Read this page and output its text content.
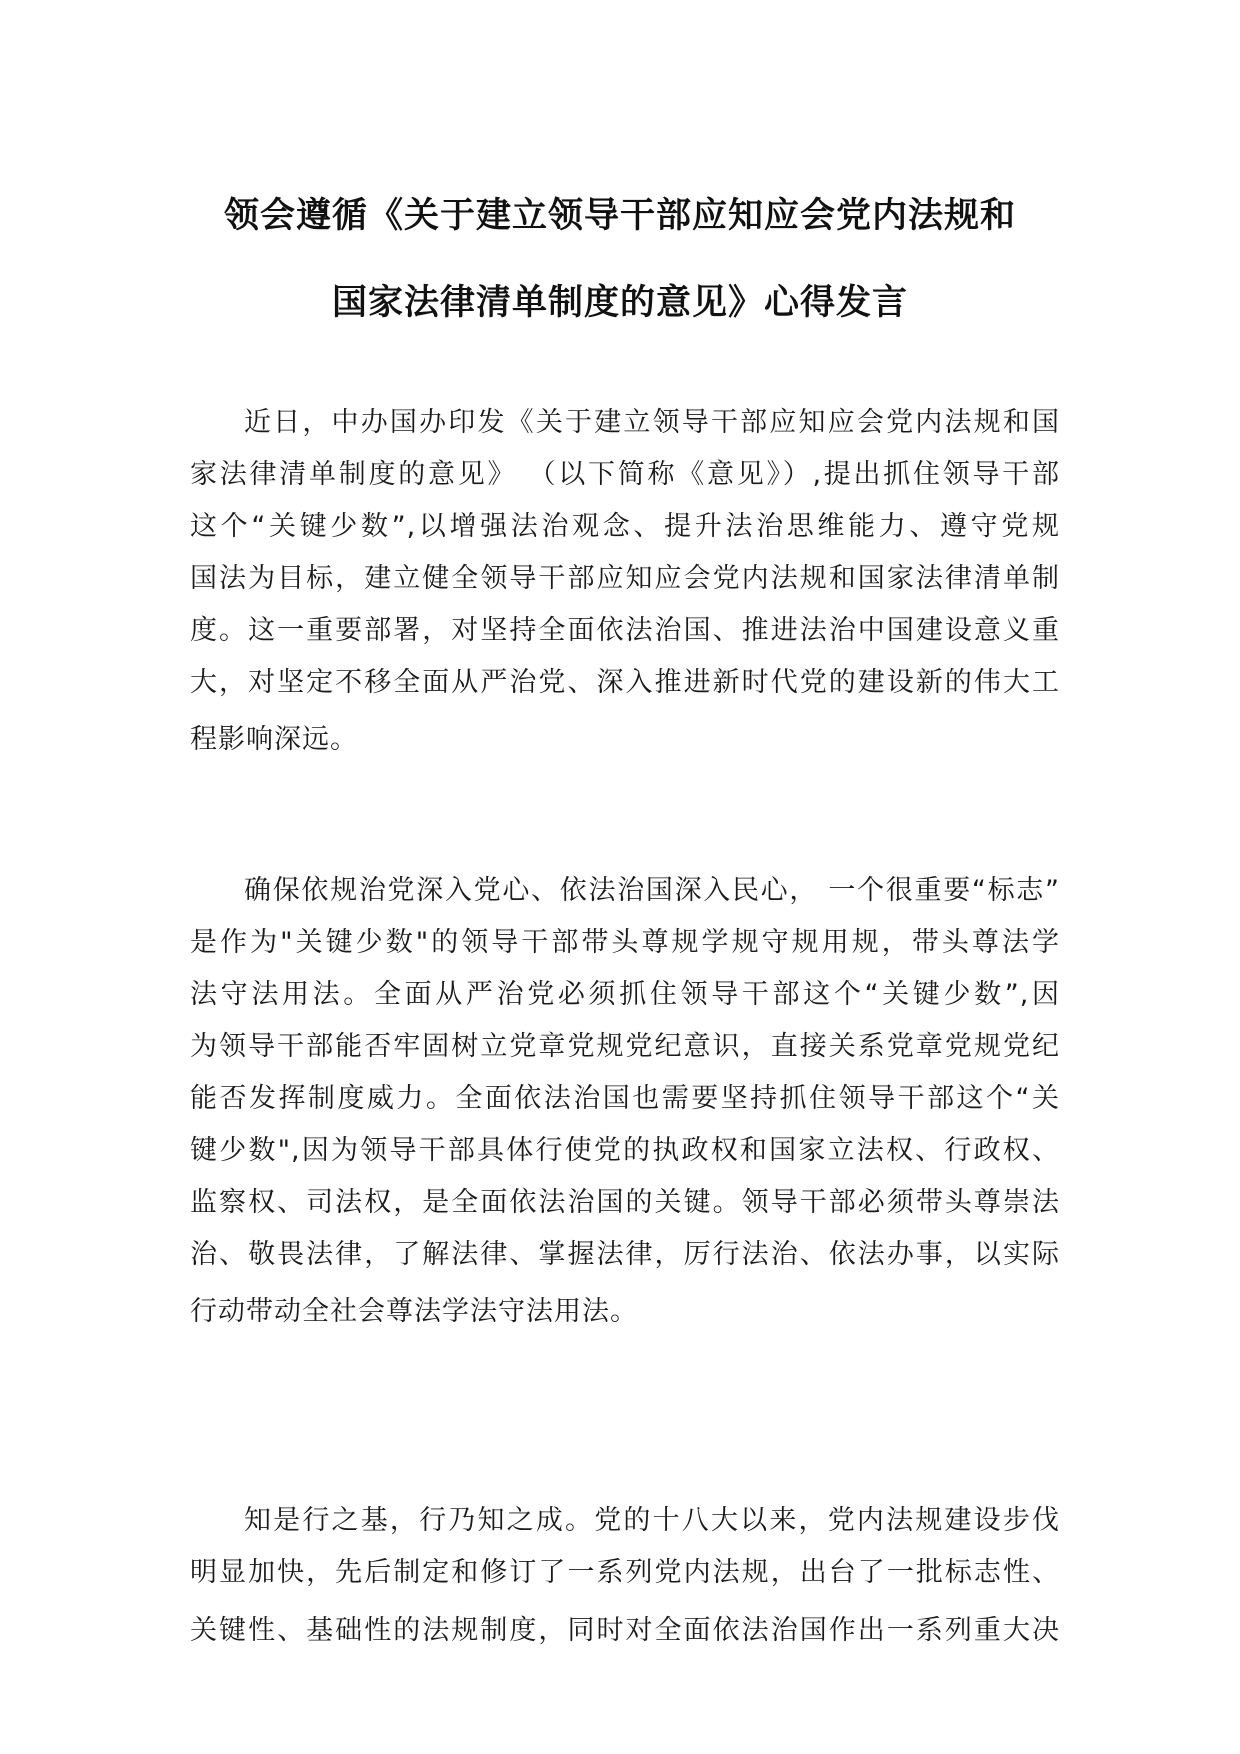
领会遵循《关于建立领导干部应知应会党内法规和
国家法律清单制度的意见》心得发言
近日，中办国办印发《关于建立领导干部应知应会党内法规和国
家法律清单制度的意见》 （以下简称《意见》）,提出抓住领导干部
这个“关键少数”,以增强法治观念、提升法治思维能力、遵守党规
国法为目标，建立健全领导干部应知应会党内法规和国家法律清单制
度。这一重要部署，对坚持全面依法治国、推进法治中国建设意义重
大，对坚定不移全面从严治党、深入推进新时代党的建设新的伟大工
程影响深远。
确保依规治党深入党心、依法治国深入民心， 一个很重要“标志”
是作为"关键少数"的领导干部带头尊规学规守规用规，带头尊法学
法守法用法。全面从严治党必须抓住领导干部这个“关键少数”,因
为领导干部能否牢固树立党章党规党纪意识，直接关系党章党规党纪
能否发挥制度威力。全面依法治国也需要坚持抓住领导干部这个“关
键少数",因为领导干部具体行使党的执政权和国家立法权、行政权、
监察权、司法权，是全面依法治国的关键。领导干部必须带头尊崇法
治、敬畏法律，了解法律、掌握法律，厉行法治、依法办事，以实际
行动带动全社会尊法学法守法用法。
知是行之基，行乃知之成。党的十八大以来，党内法规建设步伐
明显加快，先后制定和修订了一系列党内法规，出台了一批标志性、
关键性、基础性的法规制度，同时对全面依法治国作出一系列重大决
